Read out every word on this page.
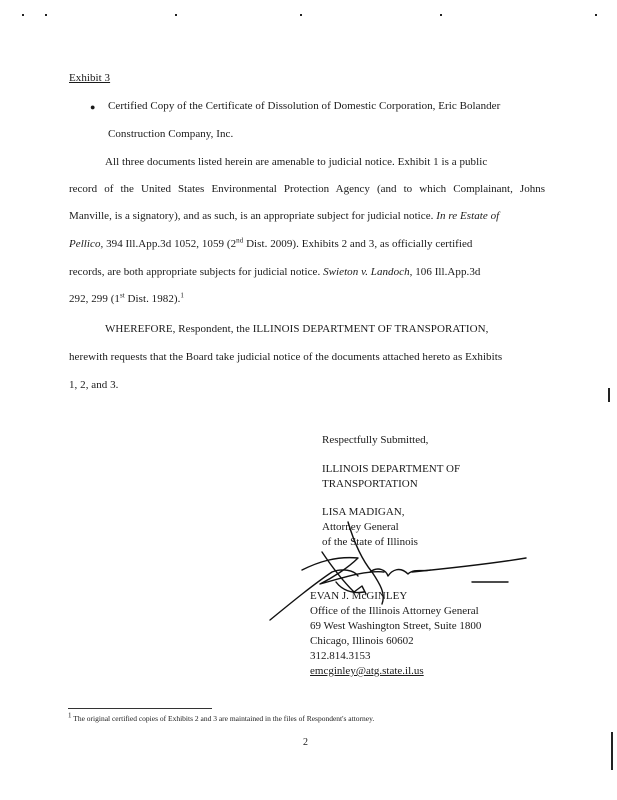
Exhibit 3
● Certified Copy of the Certificate of Dissolution of Domestic Corporation, Eric Bolander
Construction Company, Inc.
All three documents listed herein are amenable to judicial notice. Exhibit 1 is a public
record of the United States Environmental Protection Agency (and to which Complainant, Johns
Manville, is a signatory), and as such, is an appropriate subject for judicial notice. In re Estate of
Pellico, 394 Ill.App.3d 1052, 1059 (2nd Dist. 2009). Exhibits 2 and 3, as officially certified
records, are both appropriate subjects for judicial notice. Swieton v. Landoch, 106 Ill.App.3d
292, 299 (1st Dist. 1982).$^1$
WHEREFORE, Respondent, the ILLINOIS DEPARTMENT OF TRANSPORATION,
herewith requests that the Board take judicial notice of the documents attached hereto as Exhibits
1, 2, and 3.
Respectfully Submitted,
ILLINOIS DEPARTMENT OF
TRANSPORTATION
LISA MADIGAN,
Attorney General
of the State of Illinois
EVAN J. McGINLEY
Office of the Illinois Attorney General
69 West Washington Street, Suite 1800
Chicago, Illinois 60602
312.814.3153
emcginley@atg.state.il.us
$^1$ The original certified copies of Exhibits 2 and 3 are maintained in the files of Respondent's attorney.
2
